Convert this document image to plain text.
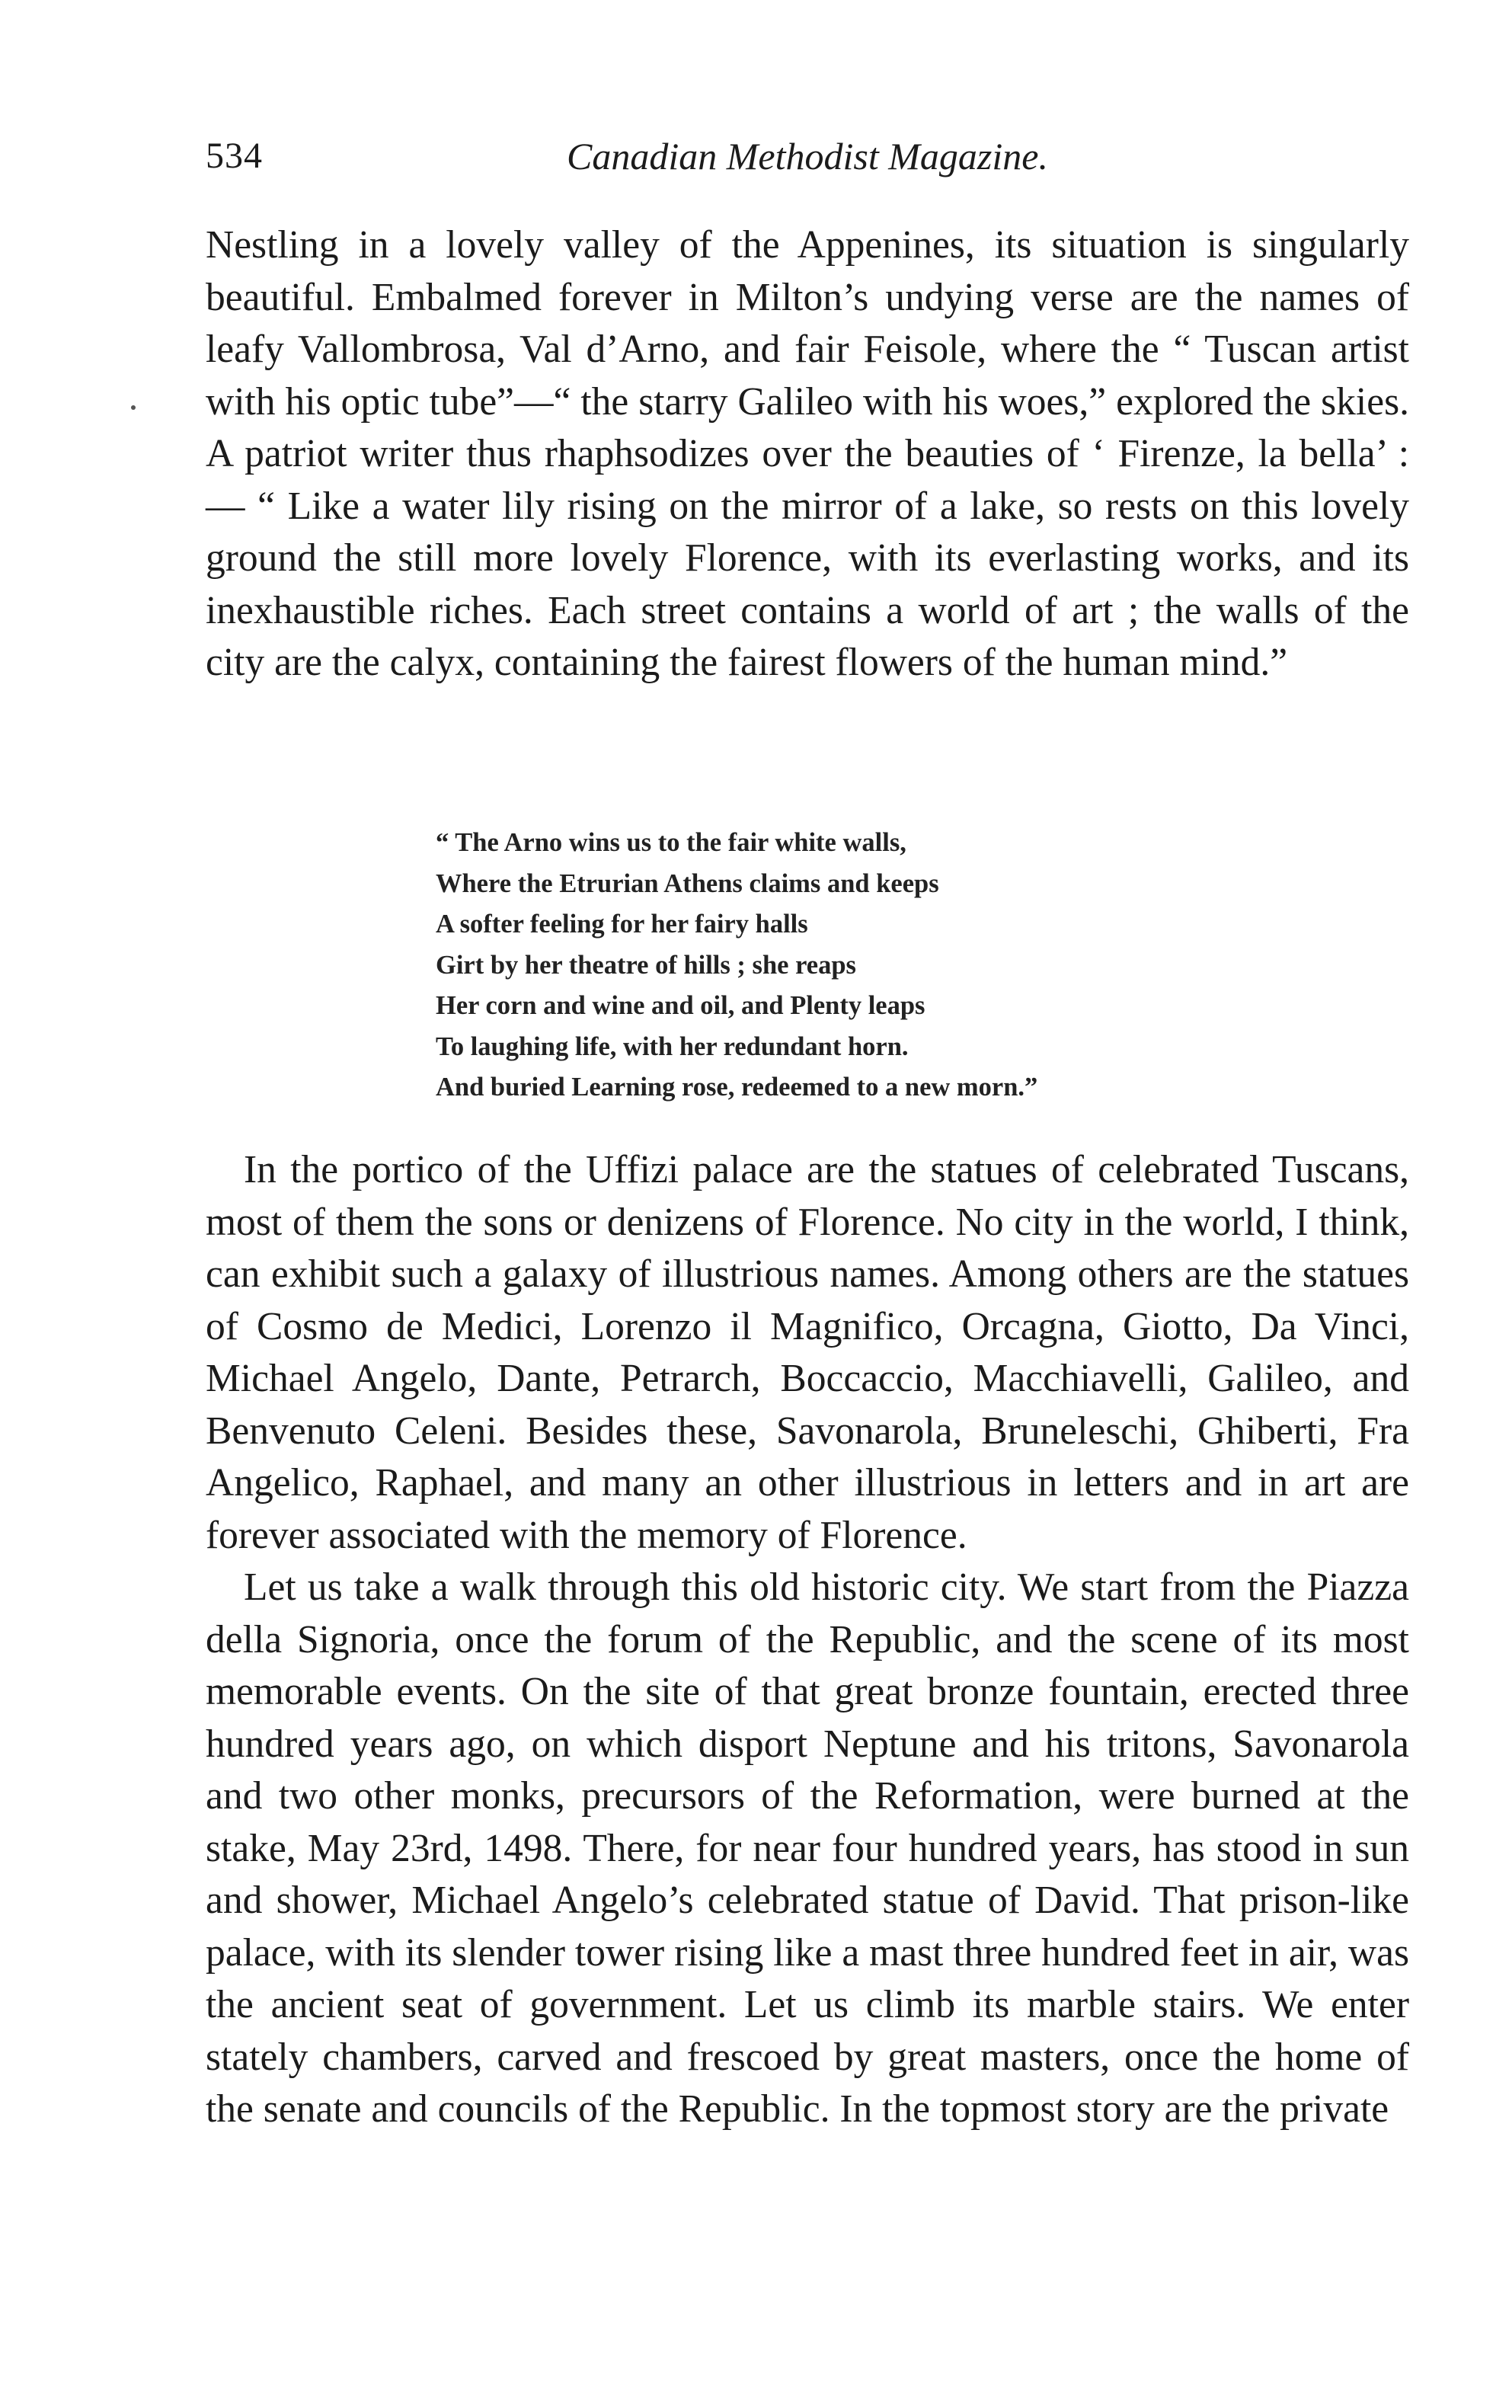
534	Canadian Methodist Magazine.

Nestling in a lovely valley of the Appenines, its situation is singularly beautiful. Embalmed forever in Milton’s undying verse are the names of leafy Vallombrosa, Val d’Arno, and fair Feisole, where the “ Tuscan artist with his optic tube”—“ the starry Galileo with his woes,” explored the skies. A patriot writer thus rhaphsodizes over the beauties of ‘ Firenze, la bella’ :— “ Like a water lily rising on the mirror of a lake, so rests on this lovely ground the still more lovely Florence, with its everlasting works, and its inexhaustible riches. Each street contains a world of art ; the walls of the city are the calyx, containing the fairest flowers of the human mind.”

“ The Arno wins us to the fair white walls,
Where the Etrurian Athens claims and keeps
A softer feeling for her fairy halls
Girt by her theatre of hills ; she reaps
Her corn and wine and oil, and Plenty leaps
To laughing life, with her redundant horn.
And buried Learning rose, redeemed to a new morn.”

In the portico of the Uffizi palace are the statues of celebrated Tuscans, most of them the sons or denizens of Florence. No city in the world, I think, can exhibit such a galaxy of illustrious names. Among others are the statues of Cosmo de Medici, Lorenzo il Magnifico, Orcagna, Giotto, Da Vinci, Michael Angelo, Dante, Petrarch, Boccaccio, Macchiavelli, Galileo, and Benvenuto Celeni. Besides these, Savonarola, Bruneleschi, Ghiberti, Fra Angelico, Raphael, and many an other illustrious in letters and in art are forever associated with the memory of Florence.

Let us take a walk through this old historic city. We start from the Piazza della Signoria, once the forum of the Republic, and the scene of its most memorable events. On the site of that great bronze fountain, erected three hundred years ago, on which disport Neptune and his tritons, Savonarola and two other monks, precursors of the Reformation, were burned at the stake, May 23rd, 1498. There, for near four hundred years, has stood in sun and shower, Michael Angelo’s celebrated statue of David. That prison-like palace, with its slender tower rising like a mast three hundred feet in air, was the ancient seat of government. Let us climb its marble stairs. We enter stately chambers, carved and frescoed by great masters, once the home of the senate and councils of the Republic. In the topmost story are the private
